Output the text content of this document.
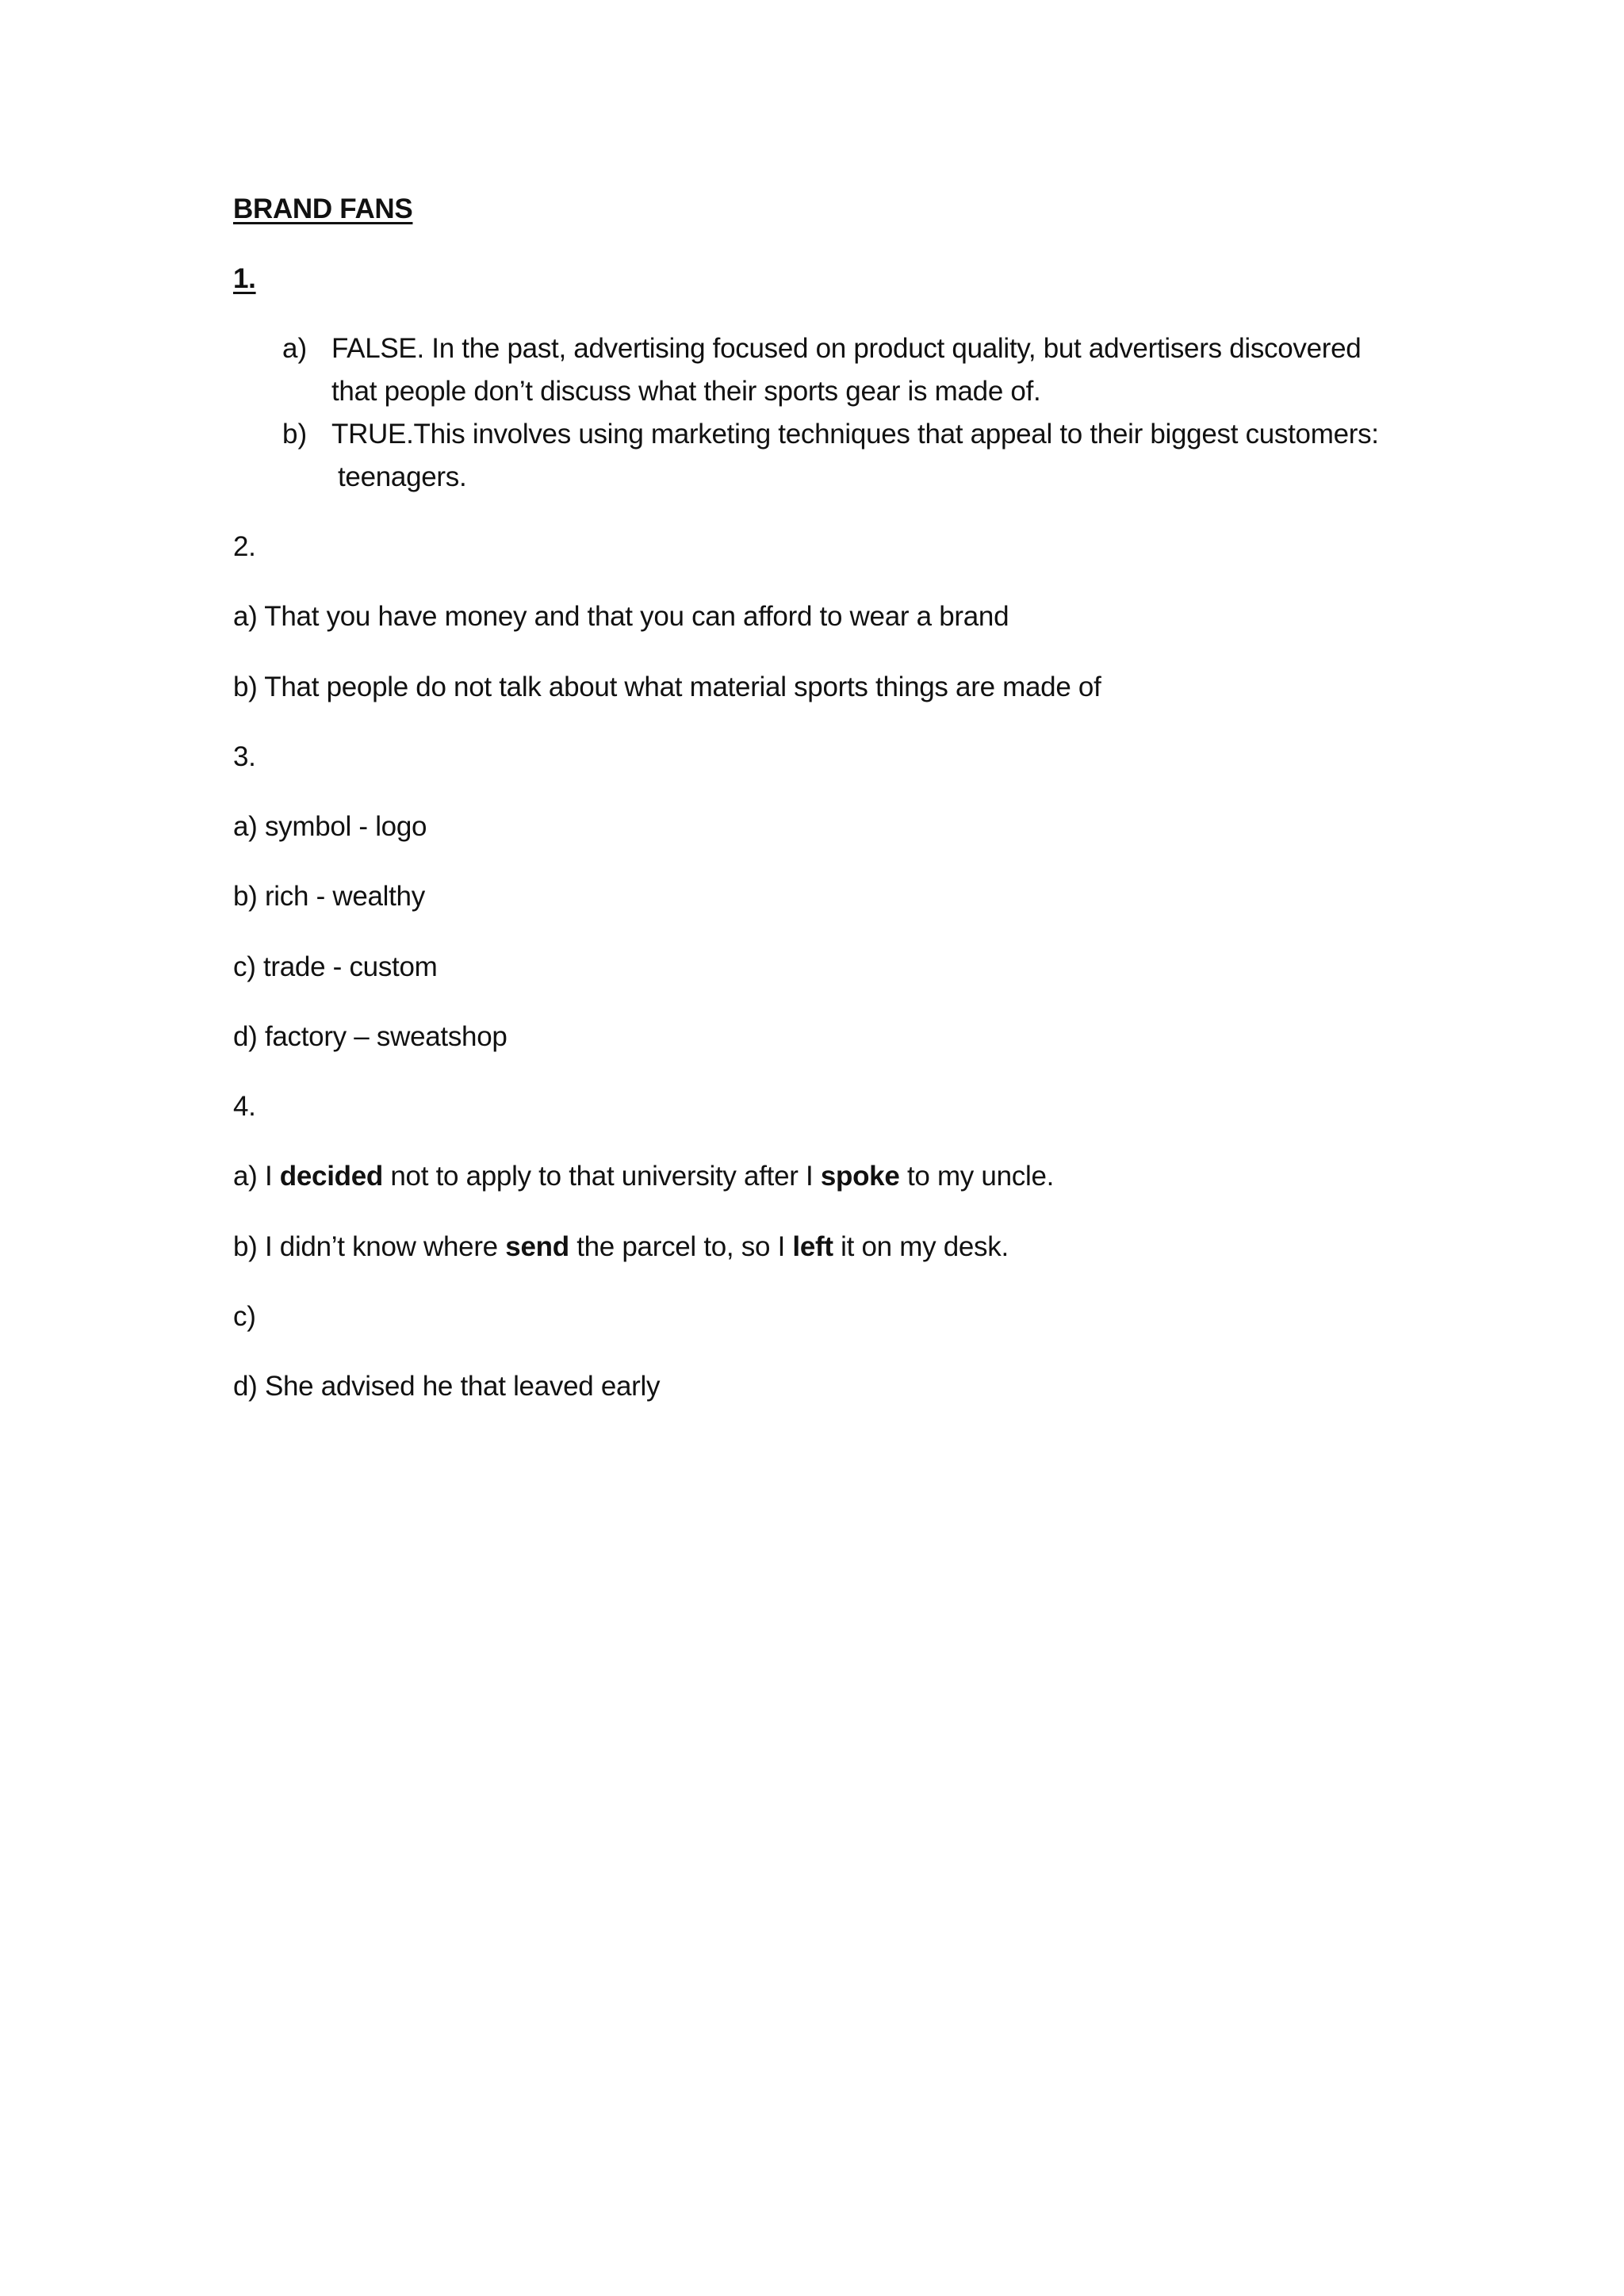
BRAND FANS
1.
a) FALSE. In the past, advertising focused on product quality, but advertisers discovered
that people don’t discuss what their sports gear is made of.
b) TRUE.This involves using marketing techniques that appeal to their biggest customers:
teenagers.
2.
a) That you have money and that you can afford to wear a brand
b) That people do not talk about what material sports things are made of
3.
a) symbol - logo
b) rich - wealthy
c) trade - custom
d) factory – sweatshop
4.
a) I decided not to apply to that university after I spoke to my uncle.
b) I didn’t know where send the parcel to, so I left it on my desk.
c)
d) She advised he that leaved early
